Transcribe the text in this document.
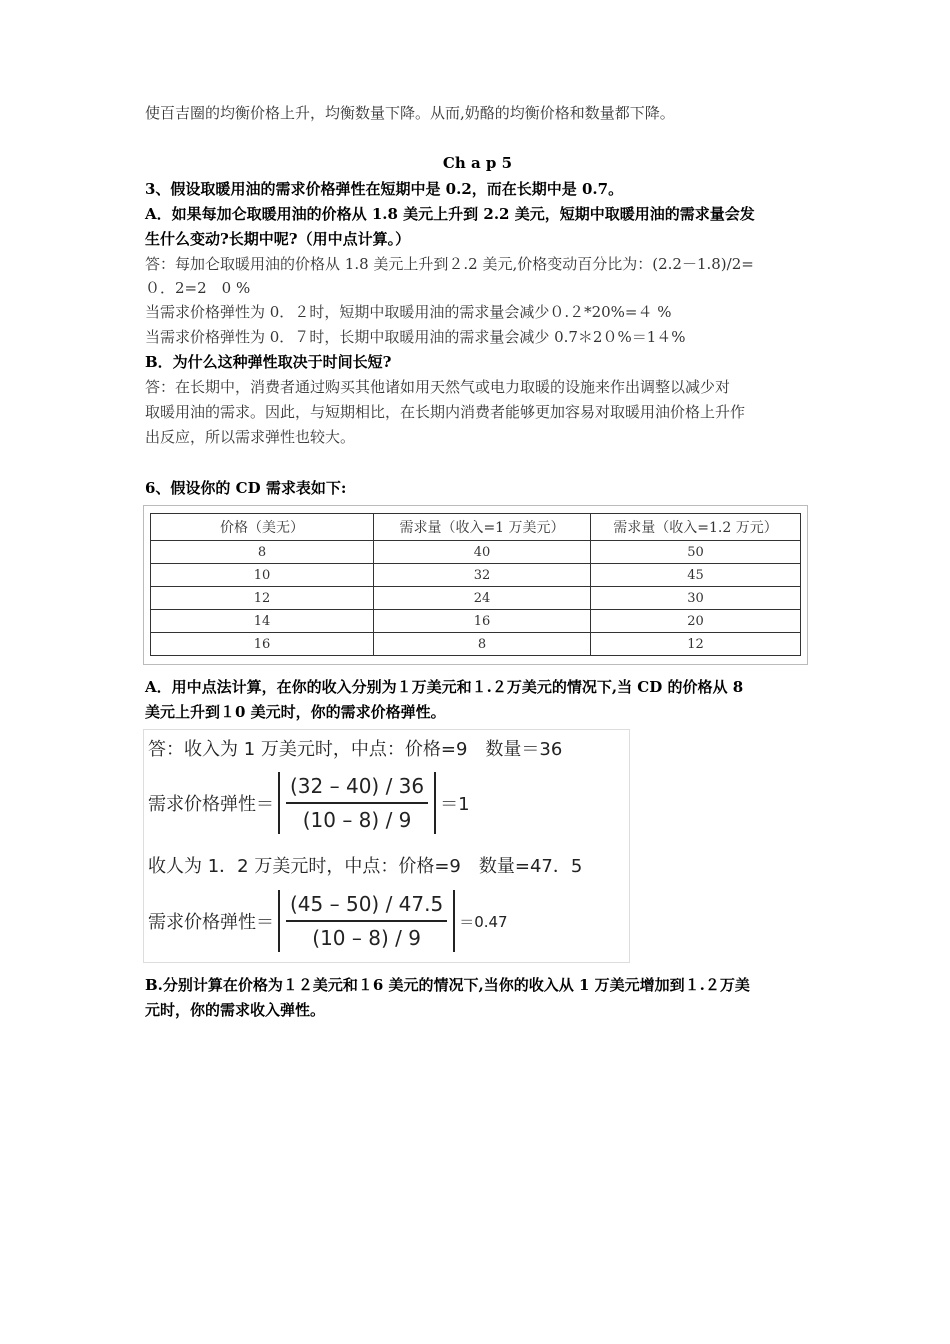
使百吉圈的均衡价格上升，均衡数量下降。从而,奶酪的均衡价格和数量都下降。
Ch a p 5
3、假设取暖用油的需求价格弹性在短期中是 0.2，而在长期中是 0.7。
A．如果每加仑取暖用油的价格从 1.8 美元上升到 2.2 美元，短期中取暖用油的需求量会发
生什么变动?长期中呢?（用中点计算。）
答：每加仑取暖用油的价格从 1.8 美元上升到２.2 美元,价格变动百分比为：(2.2－1.8)/2=
０．2=2　0 %
当需求价格弹性为 0．２时，短期中取暖用油的需求量会减少０.２*20%=４ %
当需求价格弹性为 0．７时，长期中取暖用油的需求量会减少 0.7＊2０%＝1４%
B．为什么这种弹性取决于时间长短?
答：在长期中，消费者通过购买其他诸如用天然气或电力取暖的设施来作出调整以减少对
取暖用油的需求。因此，与短期相比，在长期内消费者能够更加容易对取暖用油价格上升作
出反应，所以需求弹性也较大。
6、假设你的 CD 需求表如下:
价格（美无）	需求量（收入=1 万美元）	需求量（收入=1.2 万元）
8	40	50
10	32	45
12	24	30
14	16	20
16	8	12
A．用中点法计算，在你的收入分别为１万美元和１.２万美元的情况下,当 CD 的价格从 8
美元上升到１0 美元时，你的需求价格弹性。
答：收入为 1 万美元时，中点：价格=9　数量＝36
需求价格弹性＝ $\frac{(32 - 40) / 36}{(10 - 8) / 9} =1$
收人为 1．2 万美元时，中点：价格=9　数量=47．5
需求价格弹性＝ $\frac{(45 - 50) / 47.5}{(10 - 8) / 9} =0.47$
B.分别计算在价格为１２美元和１6 美元的情况下,当你的收入从 1 万美元增加到１.２万美
元时，你的需求收入弹性。
